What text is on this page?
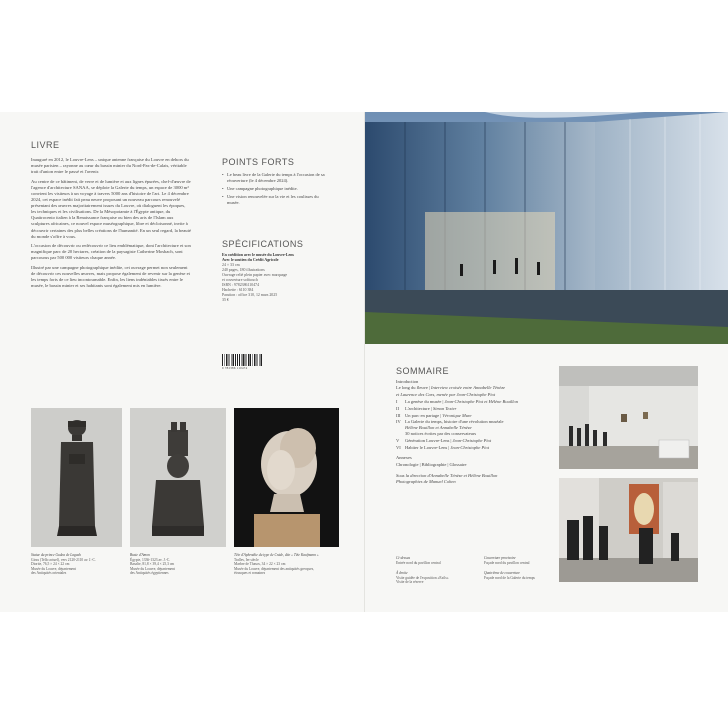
LIVRE

Inauguré en 2012, le Louvre-Lens – unique antenne française du Louvre en dehors du musée parisien – rayonne au cœur du bassin minier du Nord-Pas-de-Calais, véritable trait d'union entre le passé et l'avenir.

Au centre de ce bâtiment, de verre et de lumière et aux lignes épurées, chef-d'œuvre de l'agence d'architecture SANAA, se déploie la Galerie du temps, un espace de 3000 m² convient les visiteurs à un voyage à travers 5000 ans d'histoire de l'art. Le 4 décembre 2024, cet espace inédit fait peau neuve proposant un nouveau parcours renouvelé présentant des œuvres majoritairement issues du Louvre, où dialoguent les époques, les techniques et les civilisations. De la Mésopotamie à l'Égypte antique, du Quattrocento italien à la Renaissance française ou bien des arts de l'Islam aux sculptures africaines, ce nouvel espace muséographique, libre et décloisonné, invite à découvrir certaines des plus belles créations de l'humanité. En un seul regard, la beauté du monde s'offre à vous.

L'occasion de découvrir ou redécouvrir ce lieu emblématique, dont l'architecture et son magnifique parc de 20 hectares, création de la paysagiste Catherine Mosbach, sont parcourus par 500 000 visiteurs chaque année.

Illustré par une campagne photographique inédite, cet ouvrage permet non seulement de découvrir ces nouvelles œuvres, mais propose également de revenir sur la genèse et les temps forts de ce lieu incontournable. Enfin, les liens indéniables tissés entre le musée, le bassin minier et ses habitants sont également mis en lumière.

POINTS FORTS
• Le beau livre de la Galerie du temps à l'occasion de sa réouverture (le 4 décembre 2024).
• Une campagne photographique inédite.
• Une vision renouvelée sur la vie et les coulisses du musée.
SPÉCIFICATIONS
En coédition avec le musée du Louvre-Lens
Avec le soutien du Crédit Agricole
24 × 33 cm
240 pages, 180 illustrations
Ouvrage relié plein papier avec marquage
et couverture softtouch
ISBN : 9782386110474
Hachette : 6110 384
Parution : office 310, 12 mars 2025
35 €
9 782386 110474
Statue du prince Gudea de Lagash
Girsu (Tello actuel), vers 2120-2110 av. J.-C.
Diorite, 76,5 × 24 × 22 cm
Musée du Louvre, département
des Antiquités orientales
Buste d'Amon
Égypte, 1336-1323 av. J.-C.
Basalte, 81,8 × 39,4 × 25,3 cm
Musée du Louvre, département
des Antiquités égyptiennes
Tête d'Aphrodite du type de Cnide, dite « Tête Kaufmann »
Tralles, Ier siècle
Marbre de Thasos, 34 × 22 × 23 cm
Musée du Louvre, département des antiquités grecques,
étrusques et romaines
SOMMAIRE
Introduction
Le long du fleuve | Interview croisée entre Annabelle Ténèze
et Laurence des Cars, menée par Jean-Christophe Piot
I La genèse du musée | Jean-Christophe Piot et Hélène Bouillon
II L'architecture | Simon Texier
III Un parc en partage | Véronique Mure
IV La Galerie du temps, histoire d'une révolution muséale
Hélène Bouillon et Annabelle Ténèze
30 notices écrites par des conservateurs
V Génération Louvre-Lens | Jean-Christophe Piot
VI Habiter le Louvre-Lens | Jean-Christophe Piot
Annexes
Chronologie | Bibliographie | Glossaire
Sous la direction d'Annabelle Ténèze et Hélène Bouillon
Photographies de Manuel Cohen
Ci-dessus
Entrée nord du pavillon central
Couverture provisoire
Façade nord du pavillon central
À droite
Visite guidée de l'exposition «Exils»
Visite de la réserve
Quatrième de couverture
Façade nord de la Galerie du temps
